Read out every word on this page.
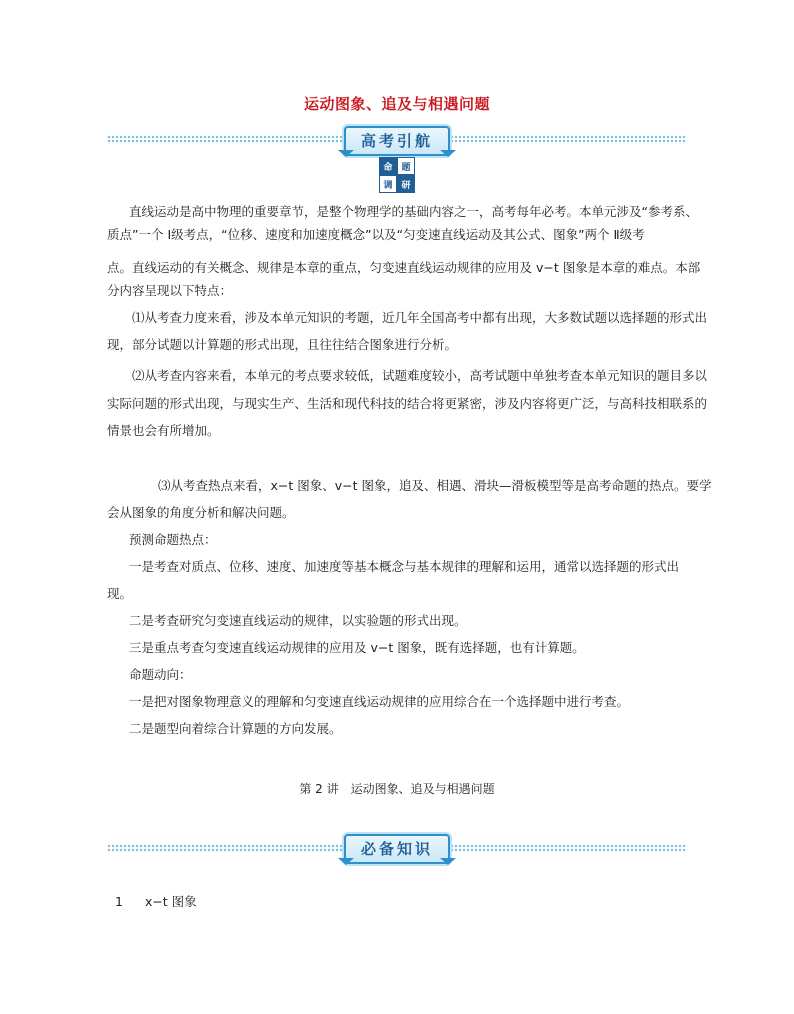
运动图象、追及与相遇问题
高考引航
命 题
调 研
直线运动是高中物理的重要章节，是整个物理学的基础内容之一，高考每年必考。本单元涉及“参考系、
质点”一个 Ⅰ级考点，“位移、速度和加速度概念”以及“匀变速直线运动及其公式、图象”两个 Ⅱ级考
点。直线运动的有关概念、规律是本章的重点，匀变速直线运动规律的应用及 v−t 图象是本章的难点。本部
分内容呈现以下特点：
⑴从考查力度来看，涉及本单元知识的考题，近几年全国高考中都有出现，大多数试题以选择题的形式出
现，部分试题以计算题的形式出现，且往往结合图象进行分析。
⑵从考查内容来看，本单元的考点要求较低，试题难度较小，高考试题中单独考查本单元知识的题目多以
实际问题的形式出现，与现实生产、生活和现代科技的结合将更紧密，涉及内容将更广泛，与高科技相联系的
情景也会有所增加。
⑶从考查热点来看，x−t 图象、v−t 图象，追及、相遇、滑块—滑板模型等是高考命题的热点。要学
会从图象的角度分析和解决问题。
预测命题热点：
一是考查对质点、位移、速度、加速度等基本概念与基本规律的理解和运用，通常以选择题的形式出
现。
二是考查研究匀变速直线运动的规律，以实验题的形式出现。
三是重点考查匀变速直线运动规律的应用及 v−t 图象，既有选择题，也有计算题。
命题动向：
一是把对图象物理意义的理解和匀变速直线运动规律的应用综合在一个选择题中进行考查。
二是题型向着综合计算题的方向发展。
第 2 讲　运动图象、追及与相遇问题
必备知识
1 x−t 图象
